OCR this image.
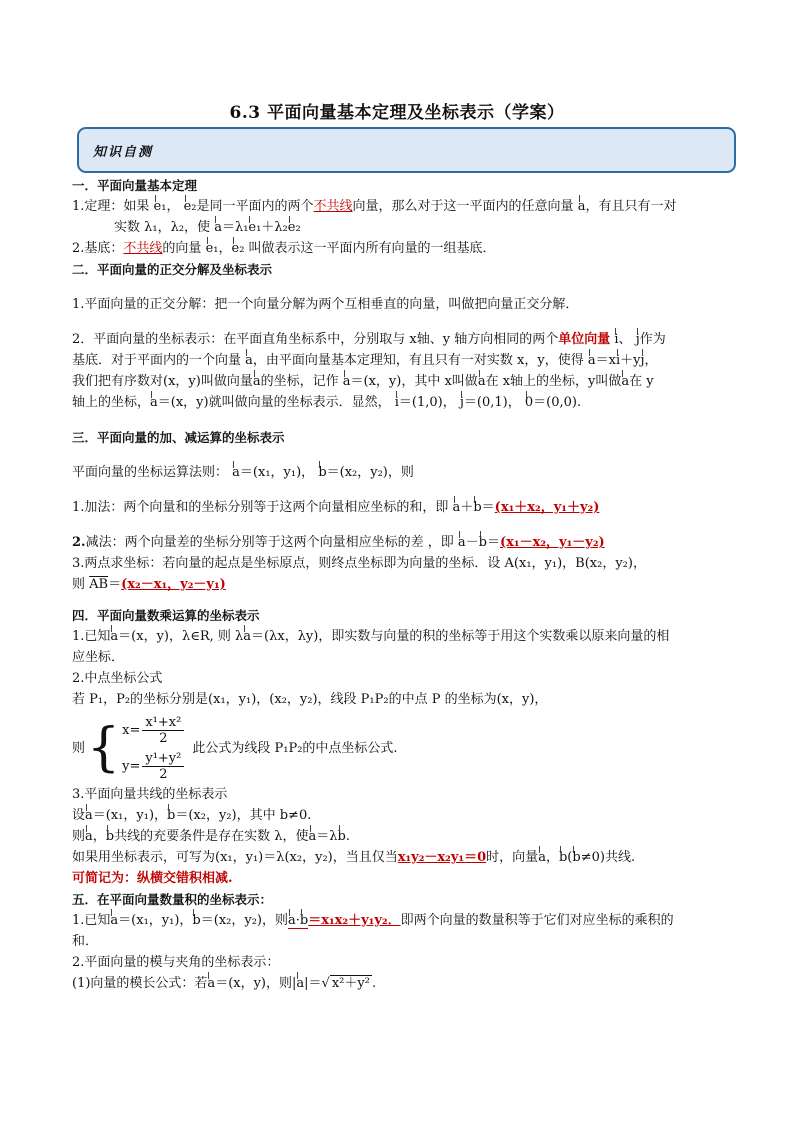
6.3 平面向量基本定理及坐标表示（学案）
知识自测
一．平面向量基本定理
1.定理：如果 e₁， e₂是同一平面内的两个不共线向量，那么对于这一平面内的任意向量 a，有且只有一对
实数 λ₁，λ₂，使 a＝λ₁e₁＋λ₂e₂
2.基底：不共线的向量 e₁，e₂ 叫做表示这一平面内所有向量的一组基底．
二．平面向量的正交分解及坐标表示
1.平面向量的正交分解：把一个向量分解为两个互相垂直的向量，叫做把向量正交分解．
2．平面向量的坐标表示：在平面直角坐标系中，分别取与 x轴、y 轴方向相同的两个单位向量 i、 j作为
基底．对于平面内的一个向量 a，由平面向量基本定理知，有且只有一对实数 x，y，使得 a＝xi＋yj，
我们把有序数对(x，y)叫做向量a的坐标，记作 a＝(x，y)，其中 x叫做a在 x轴上的坐标，y叫做a在 y
轴上的坐标，a＝(x，y)就叫做向量的坐标表示．显然， i＝(1,0)， j＝(0,1)， 0＝(0,0).
三．平面向量的加、减运算的坐标表示
平面向量的坐标运算法则： a＝(x₁，y₁)， b＝(x₂，y₂)，则
1.加法：两个向量和的坐标分别等于这两个向量相应坐标的和，即 a＋b＝(x₁＋x₂，y₁＋y₂)
2.减法：两个向量差的坐标分别等于这两个向量相应坐标的差 ，即 a－b＝(x₁－x₂，y₁－y₂)
3.两点求坐标：若向量的起点是坐标原点，则终点坐标即为向量的坐标．设 A(x₁，y₁)，B(x₂，y₂)，
则 $\overline{AB}=(x_2-x_1$，y₂－y₁)
四．平面向量数乘运算的坐标表示
1.已知a＝(x，y)，λ∈R, 则 λa＝(λx，λy)，即实数与向量的积的坐标等于用这个实数乘以原来向量的相
应坐标．
2.中点坐标公式
若 P₁，P₂的坐标分别是(x₁，y₁)，(x₂，y₂)，线段 P₁P₂的中点 P 的坐标为(x，y)，
则 { $x= \frac{\text{x¹+x²}}{2}$
$y= \frac{\text{y¹+y²}}{2}$
此公式为线段 P₁P₂的中点坐标公式.
3.平面向量共线的坐标表示
设a＝(x₁，y₁)，b＝(x₂，y₂)，其中 b≠0.
则a，b共线的充要条件是存在实数 λ，使a＝λb.
如果用坐标表示，可写为(x₁，y₁)＝λ(x₂，y₂)，当且仅当x₁y₂－x₂y₁＝0时，向量a，b(b≠0)共线.
可简记为：纵横交错积相减.
五．在平面向量数量积的坐标表示：
1.已知a＝(x₁，y₁)，b＝(x₂，y₂)，则a·b＝x₁x₂＋y₁y₂．即两个向量的数量积等于它们对应坐标的乘积的
和．
2.平面向量的模与夹角的坐标表示：
(1)向量的模长公式：若a＝(x，y)，则|a|＝√ x²＋y² .
